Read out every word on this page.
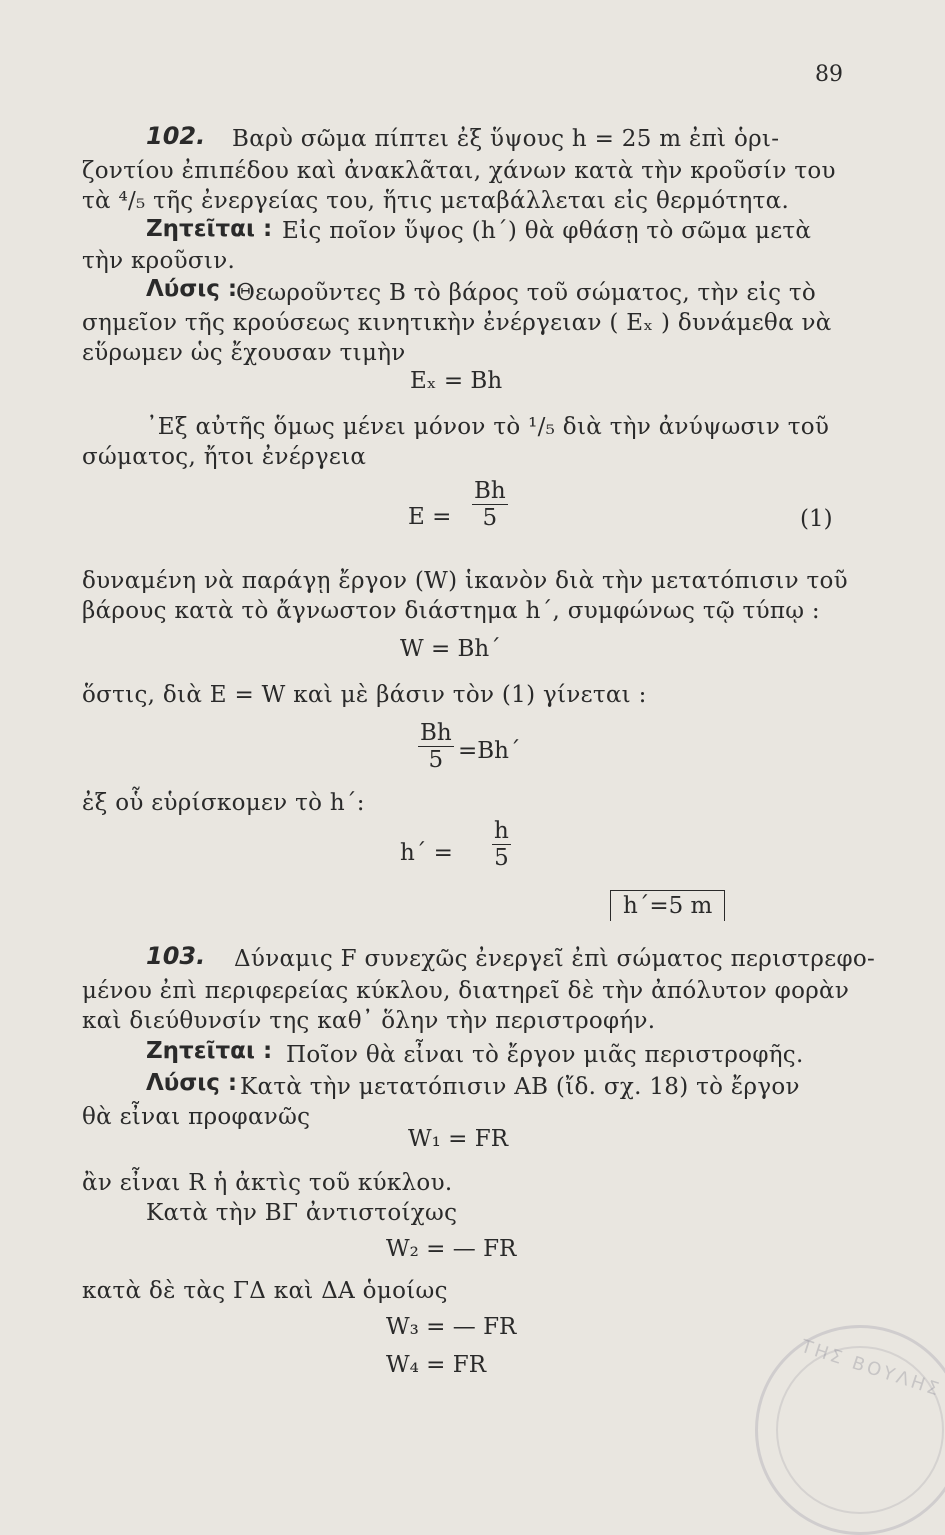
89
102. Βαρὺ σῶμα πίπτει ἐξ ὕψους h = 25 m ἐπὶ ὁρι-
ζοντίου ἐπιπέδου καὶ ἀνακλᾶται, χάνων κατὰ τὴν κροῦσίν του
τὰ ⁴/₅ τῆς ἐνεργείας του, ἥτις μεταβάλλεται εἰς θερμότητα.
Ζητεῖται : Εἰς ποῖον ὕψος (h΄) θὰ φθάσῃ τὸ σῶμα μετὰ
τὴν κροῦσιν.
Λύσις :
Θεωροῦντες Β τὸ βάρος τοῦ σώματος, τὴν εἰς τὸ
σημεῖον τῆς κρούσεως κινητικὴν ἐνέργειαν ( Εₓ ) δυνάμεθα νὰ
εὕρωμεν ὡς ἔχουσαν τιμὴν
Εₓ = Bh
᾿Εξ αὐτῆς ὅμως μένει μόνον τὸ ¹/₅ διὰ τὴν ἀνύψωσιν τοῦ
σώματος, ἤτοι ἐνέργεια
$E = \frac{Bh}{5}$	(1)
δυναμένη νὰ παράγῃ ἔργον (W) ἱκανὸν διὰ τὴν μετατόπισιν τοῦ
βάρους κατὰ τὸ ἄγνωστον διάστημα h΄, συμφώνως τῷ τύπῳ :
W = Bh΄
ὅστις, διὰ E = W καὶ μὲ βάσιν τὸν (1) γίνεται :
$\frac{Bh}{5} =Bh΄$
ἐξ οὗ εὑρίσκομεν τὸ h΄:
$h΄ = \frac{h}{5}$
h΄=5 m
103. Δύναμις F συνεχῶς ἐνεργεῖ ἐπὶ σώματος περιστρεφο-
μένου ἐπὶ περιφερείας κύκλου, διατηρεῖ δὲ τὴν ἀπόλυτον φορὰν
καὶ διεύθυνσίν της καθ᾿ ὅλην τὴν περιστροφήν.
Ζητεῖται : Ποῖον θὰ εἶναι τὸ ἔργον μιᾶς περιστροφῆς.
Λύσις : Κατὰ τὴν μετατόπισιν ΑΒ (ἴδ. σχ. 18) τὸ ἔργον
θὰ εἶναι προφανῶς
W₁ = FR
ἂν εἶναι R ἡ ἀκτὶς τοῦ κύκλου.
Κατὰ τὴν ΒΓ ἀντιστοίχως
W₂ = — FR
κατὰ δὲ τὰς ΓΔ καὶ ΔΑ ὁμοίως
W₃ = — FR
W₄ = FR	ΤΗΣ ΒΟΥΛΗΣ
